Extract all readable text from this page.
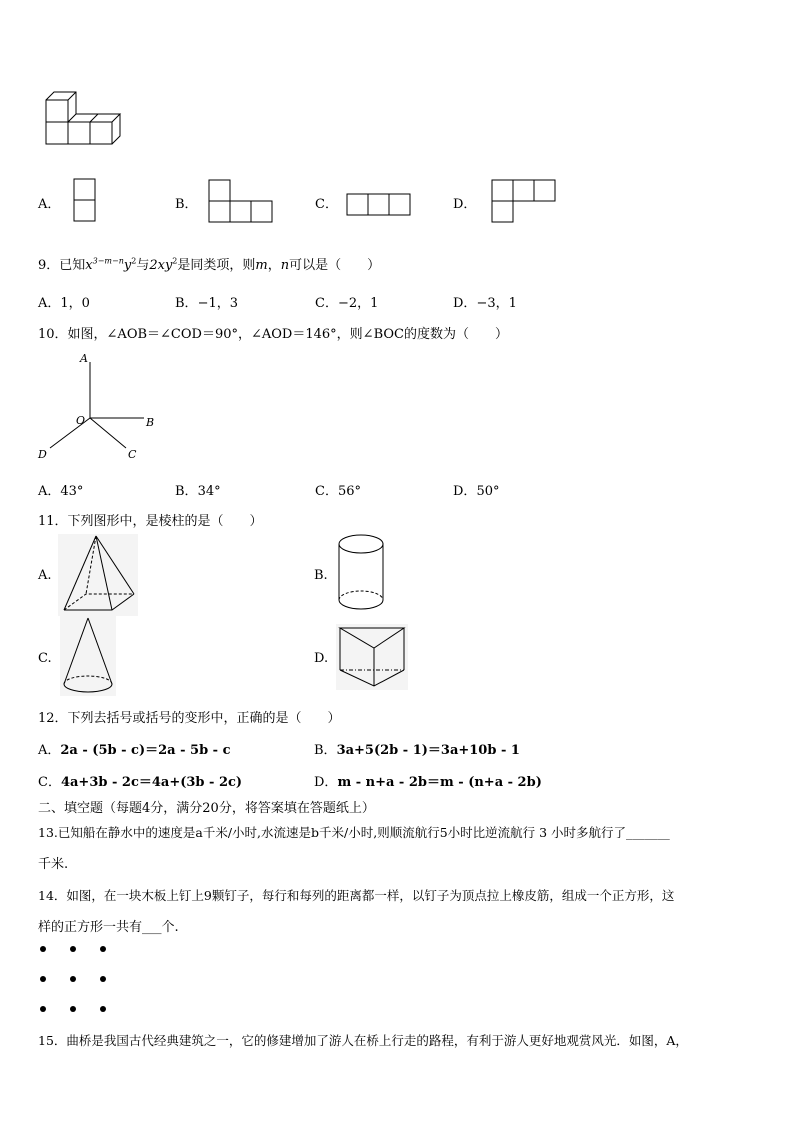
A．	B．	C．	D．
9．已知$x^{3-m-n}y^2$与$2xy^2$是同类项，则m，n可以是（　　）
A．1，0	B．−1，3	C．−2，1	D．−3，1
10．如图，∠AOB＝∠COD＝90°，∠AOD＝146°，则∠BOC的度数为（　　）
A
O	B
D	C
A．43°	B．34°	C．56°	D．50°
11．下列图形中，是棱柱的是（　　）
A.	B.
C.	D.
12．下列去括号或括号的变形中，正确的是（　　）
A．2a - (5b - c)＝2a - 5b - c	B．3a+5(2b - 1)＝3a+10b - 1
C．4a+3b - 2c＝4a+(3b - 2c)	D．m - n+a - 2b＝m - (n+a - 2b)
二、填空题（每题4分，满分20分，将答案填在答题纸上）
13.已知船在静水中的速度是a千米/小时,水流速是b千米/小时,则顺流航行5小时比逆流航行 3 小时多航行了_______
千米.
14．如图，在一块木板上钉上9颗钉子，每行和每列的距离都一样，以钉子为顶点拉上橡皮筋，组成一个正方形，这
样的正方形一共有___个.
15．曲桥是我国古代经典建筑之一，它的修建增加了游人在桥上行走的路程，有利于游人更好地观赏风光．如图，A，
